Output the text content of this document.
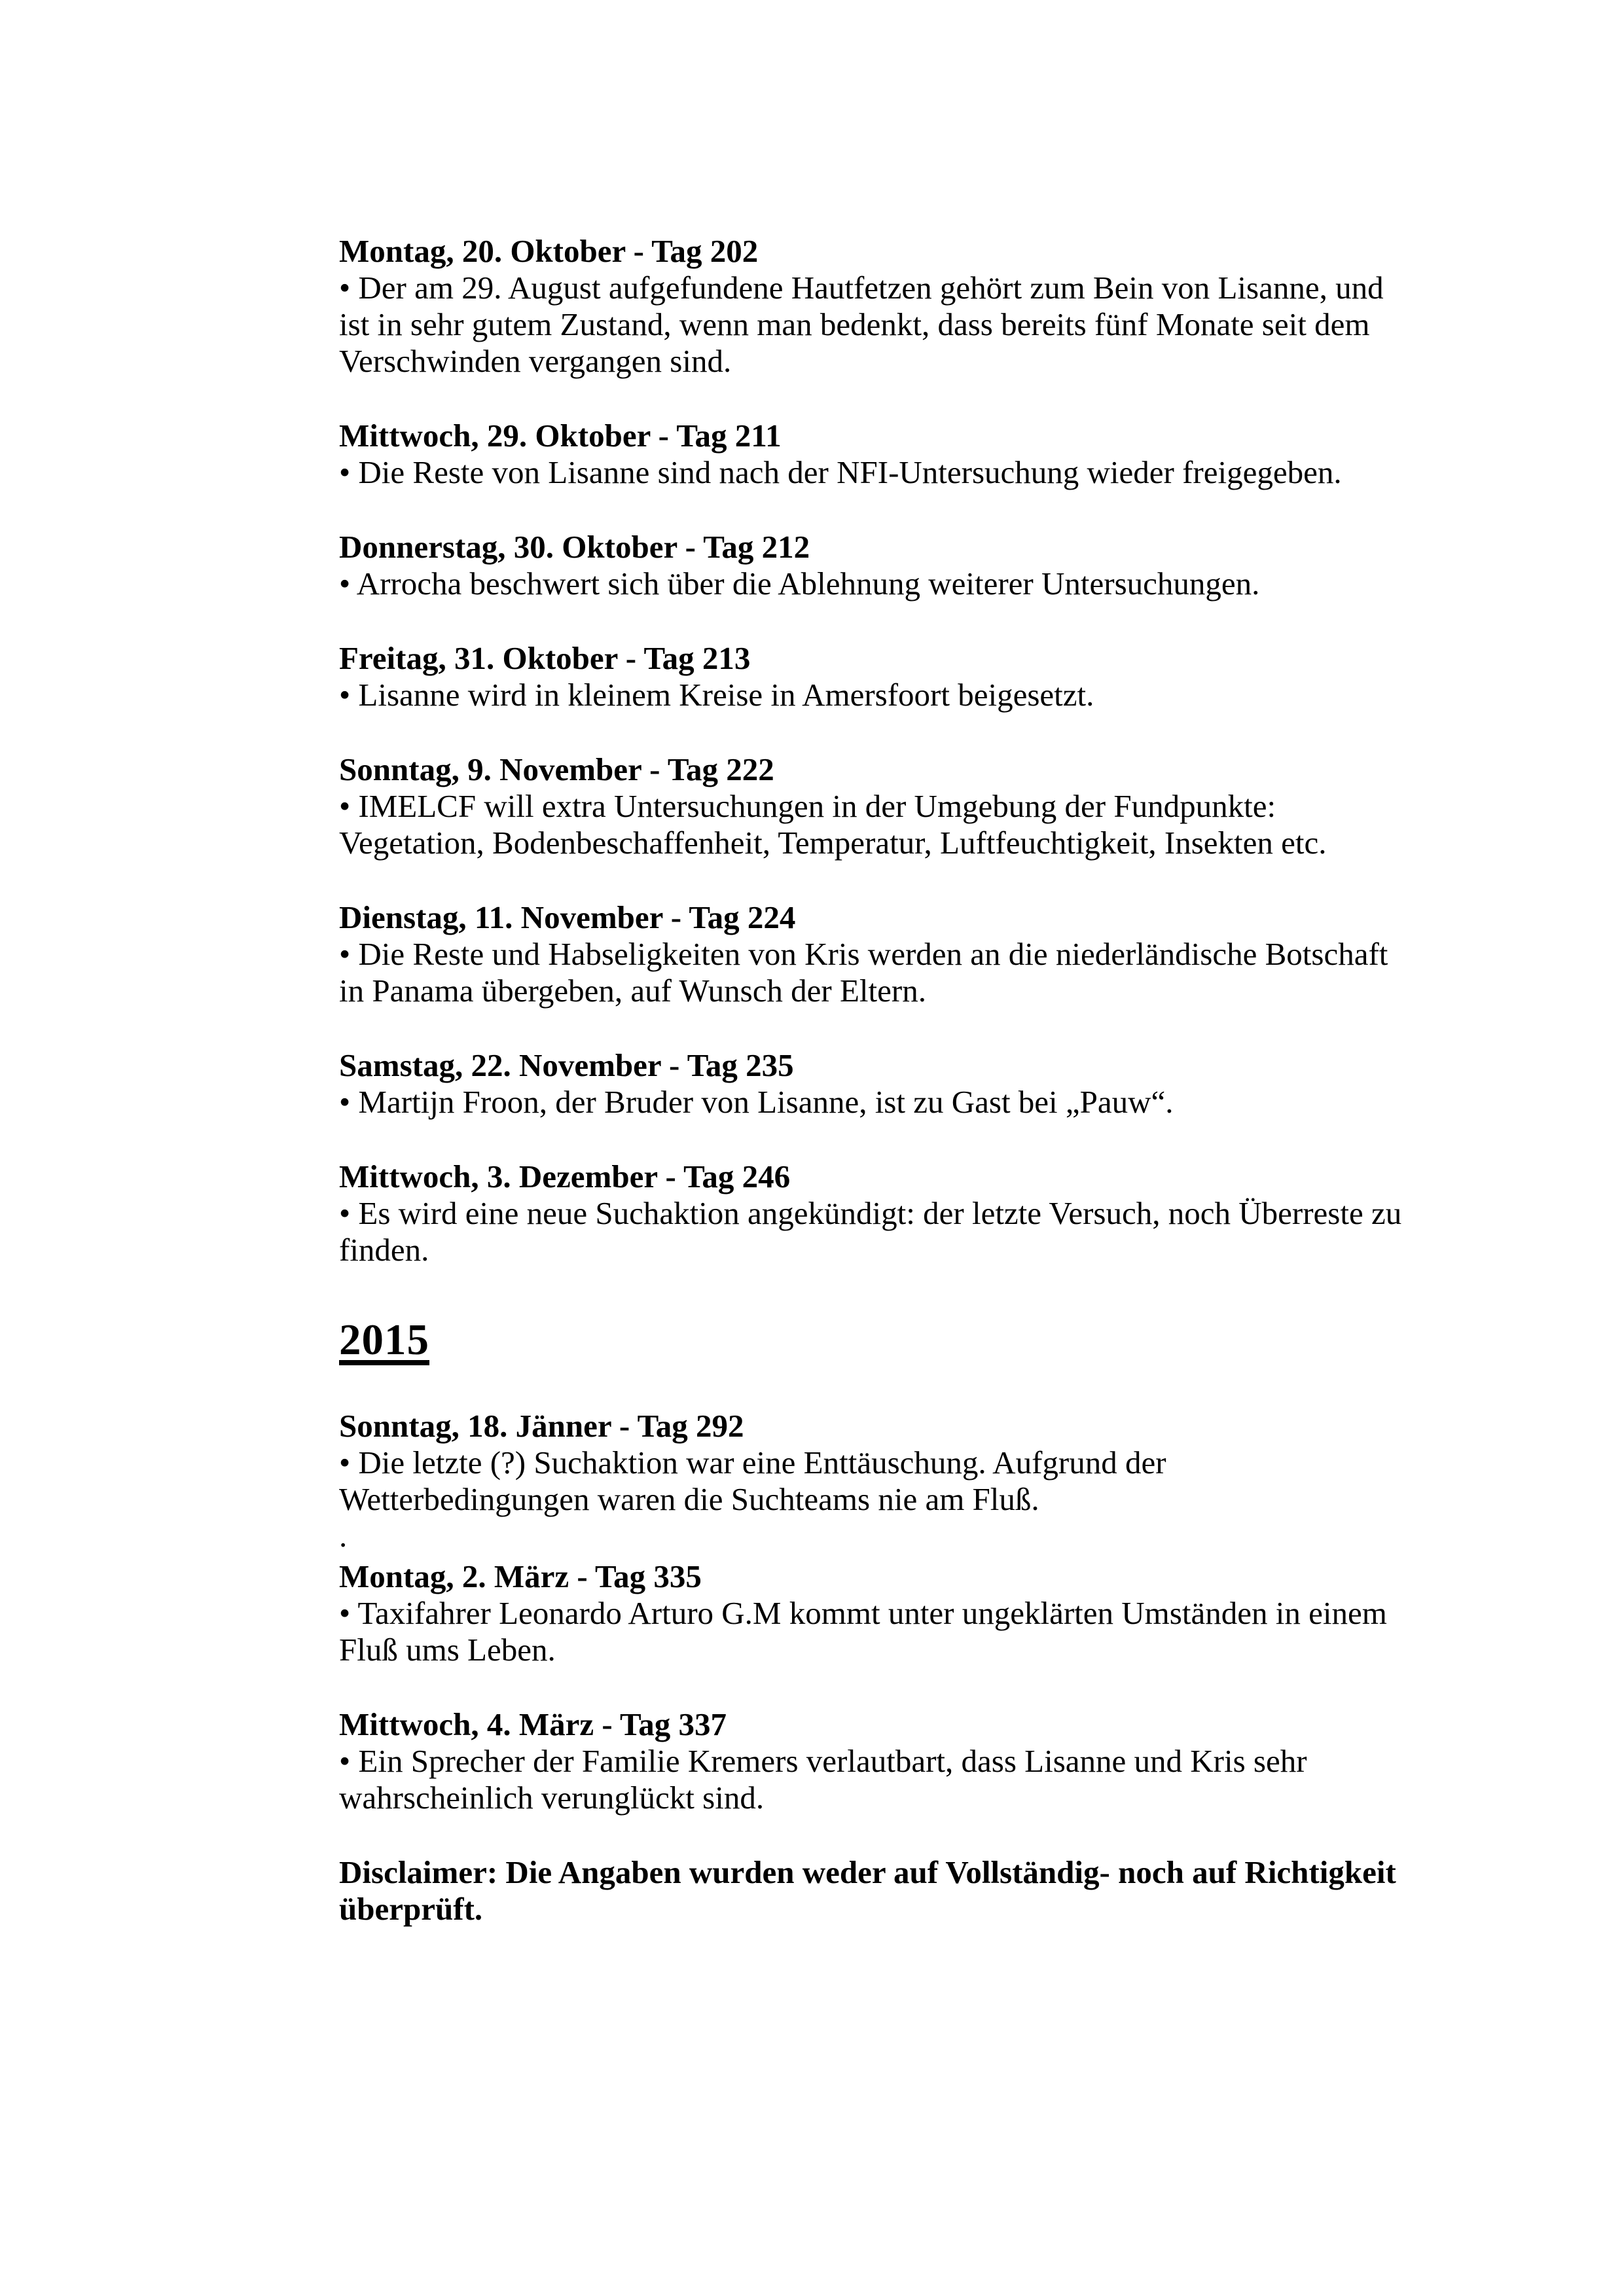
Montag, 20. Oktober - Tag 202
• Der am 29. August aufgefundene Hautfetzen gehört zum Bein von Lisanne, und
ist in sehr gutem Zustand, wenn man bedenkt, dass bereits fünf Monate seit dem
Verschwinden vergangen sind.
Mittwoch, 29. Oktober - Tag 211
• Die Reste von Lisanne sind nach der NFI-Untersuchung wieder freigegeben.
Donnerstag, 30. Oktober - Tag 212
• Arrocha beschwert sich über die Ablehnung weiterer Untersuchungen.
Freitag, 31. Oktober - Tag 213
• Lisanne wird in kleinem Kreise in Amersfoort beigesetzt.
Sonntag, 9. November - Tag 222
• IMELCF will extra Untersuchungen in der Umgebung der Fundpunkte:
Vegetation, Bodenbeschaffenheit, Temperatur, Luftfeuchtigkeit, Insekten etc.
Dienstag, 11. November - Tag 224
• Die Reste und Habseligkeiten von Kris werden an die niederländische Botschaft
in Panama übergeben, auf Wunsch der Eltern.
Samstag, 22. November - Tag 235
• Martijn Froon, der Bruder von Lisanne, ist zu Gast bei „Pauw“.
Mittwoch, 3. Dezember - Tag 246
• Es wird eine neue Suchaktion angekündigt: der letzte Versuch, noch Überreste zu
finden.
2015
Sonntag, 18. Jänner - Tag 292
• Die letzte (?) Suchaktion war eine Enttäuschung. Aufgrund der
Wetterbedingungen waren die Suchteams nie am Fluß.
.
Montag, 2. März - Tag 335
• Taxifahrer Leonardo Arturo G.M kommt unter ungeklärten Umständen in einem
Fluß ums Leben.
Mittwoch, 4. März - Tag 337
• Ein Sprecher der Familie Kremers verlautbart, dass Lisanne und Kris sehr
wahrscheinlich verunglückt sind.
Disclaimer: Die Angaben wurden weder auf Vollständig- noch auf Richtigkeit
überprüft.
